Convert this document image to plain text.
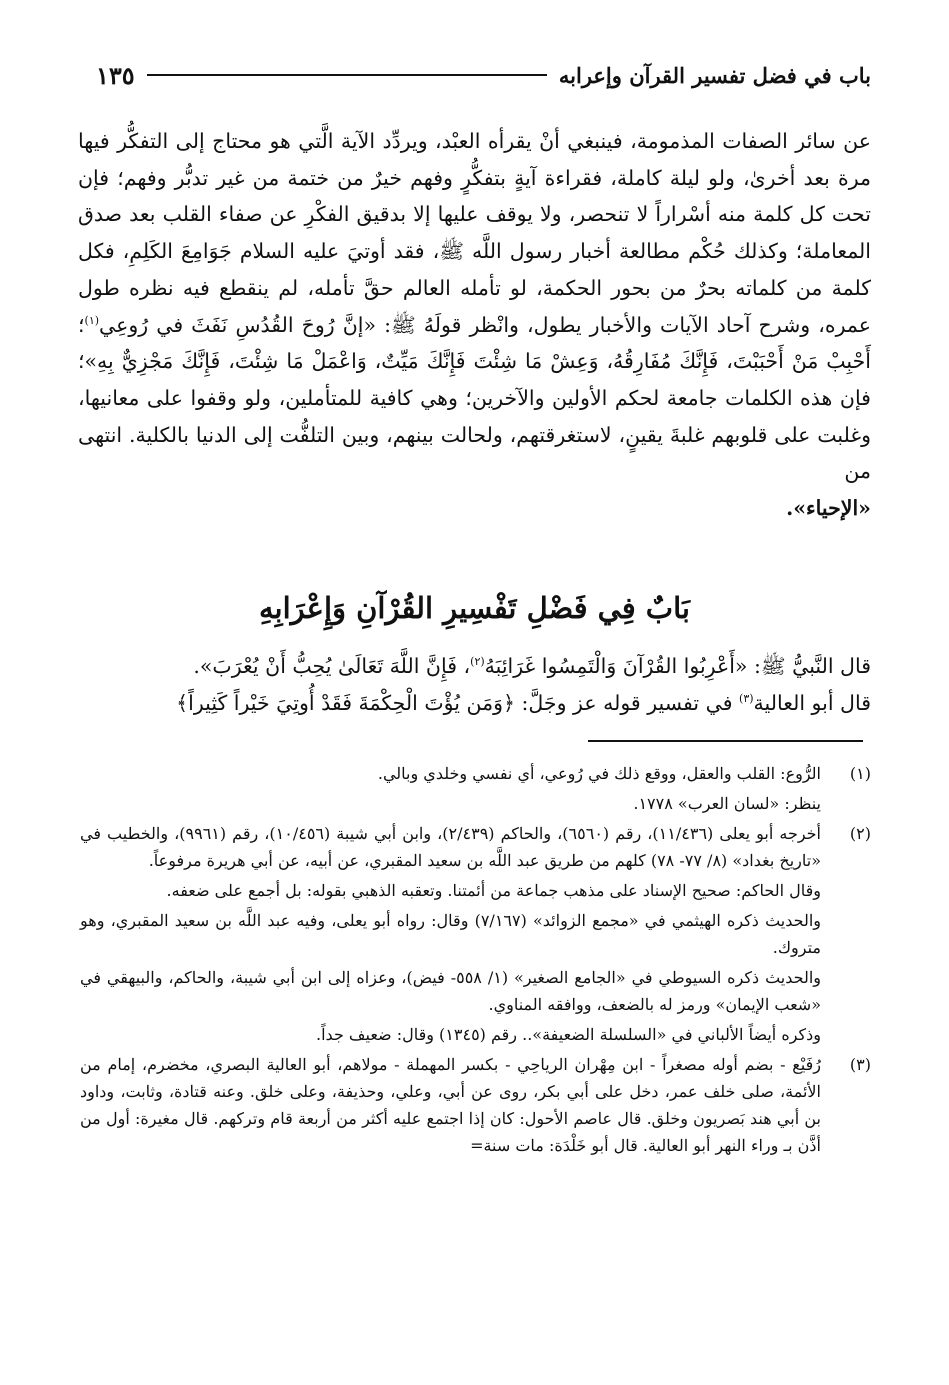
باب في فضل تفسير القرآن وإعرابه
١٣٥

عن سائر الصفات المذمومة، فينبغي أنْ يقرأه العبْد، ويردِّد الآية الَّتي هو محتاج إلى التفكُّر فيها مرة بعد أخرىٰ، ولو ليلة كاملة، فقراءة آيةٍ بتفكُّرٍ وفهم خيرٌ من ختمة من غير تدبُّر وفهم؛ فإن تحت كل كلمة منه أسْراراً لا تنحصر، ولا يوقف عليها إلا بدقيق الفكْرِ عن صفاء القلب بعد صدق المعاملة؛ وكذلك حُكْم مطالعة أخبار رسول اللَّه ﷺ، فقد أوتيَ عليه السلام جَوَامِعَ الكَلِمِ، فكل كلمة من كلماته بحرٌ من بحور الحكمة، لو تأمله العالم حقَّ تأمله، لم ينقطع فيه نظره طول عمره، وشرح آحاد الآيات والأخبار يطول، وانْظر قولَهُ ﷺ: «إنَّ رُوحَ القُدُسِ نَفَثَ في رُوعِي$^{(١)}$؛ أَحْبِبْ مَنْ أَحْبَبْتَ، فَإِنَّكَ مُفَارِقُهُ، وَعِشْ مَا شِئْتَ فَإِنَّكَ مَيِّتٌ، وَاعْمَلْ مَا شِئْتَ، فَإِنَّكَ مَجْزِيٌّ بِهِ»؛ فإن هذه الكلمات جامعة لحكم الأولين والآخرين؛ وهي كافية للمتأملين، ولو وقفوا على معانيها، وغلبت على قلوبهم غلبةَ يقينٍ، لاستغرقتهم، ولحالت بينهم، وبين التلفُّت إلى الدنيا بالكلية. انتهى من

«الإحياء».

بَابٌ فِي فَضْلِ تَفْسِيرِ القُرْآنِ وَإِعْرَابِهِ

قال النَّبيُّ ﷺ: «أَعْرِبُوا القُرْآنَ وَالْتَمِسُوا غَرَائِبَهُ$^{(٢)}$، فَإِنَّ اللَّهَ تَعَالَىٰ يُحِبُّ أَنْ يُعْرَبَ».

قال أبو العالية$^{(٣)}$ في تفسير قوله عز وجَلَّ: ﴿وَمَن يُؤْتَ الْحِكْمَةَ فَقَدْ أُوتِيَ خَيْراً كَثِيراً﴾

(١)

الرُّوع: القلب والعقل، ووقع ذلك في رُوعي، أي نفسي وخلدي وبالي.

ينظر: «لسان العرب» ١٧٧٨.

(٢)

أخرجه أبو يعلى (١١/٤٣٦)، رقم (٦٥٦٠)، والحاكم (٢/٤٣٩)، وابن أبي شيبة (١٠/٤٥٦)، رقم (٩٩٦١)، والخطيب في «تاريخ بغداد» (٨/ ٧٧- ٧٨) كلهم من طريق عبد اللَّه بن سعيد المقبري، عن أبيه، عن أبي هريرة مرفوعاً.

وقال الحاكم: صحيح الإسناد على مذهب جماعة من أئمتنا. وتعقبه الذهبي بقوله: بل أجمع على ضعفه.

والحديث ذكره الهيثمي في «مجمع الزوائد» (٧/١٦٧) وقال: رواه أبو يعلى، وفيه عبد اللَّه بن سعيد المقبري، وهو متروك.

والحديث ذكره السيوطي في «الجامع الصغير» (١/ ٥٥٨- فيض)، وعزاه إلى ابن أبي شيبة، والحاكم، والبيهقي في «شعب الإيمان» ورمز له بالضعف، ووافقه المناوي.

وذكره أيضاً الألباني في «السلسلة الضعيفة».. رقم (١٣٤٥) وقال: ضعيف جداً.

(٣)

رُفَيْع - بضم أوله مصغراً - ابن مِهْران الرياحِي - بكسر المهملة - مولاهم، أبو العالية البصري، مخضرم، إمام من الأئمة، صلى خلف عمر، دخل على أبي بكر، روى عن أبي، وعلي، وحذيفة، وعلى خلق. وعنه قتادة، وثابت، وداود بن أبي هند بَصريون وخلق. قال عاصم الأحول: كان إذا اجتمع عليه أكثر من أربعة قام وتركهم. قال مغيرة: أول من أذَّن بـ وراء النهر أبو العالية. قال أبو خَلْدَة: مات سنة=
